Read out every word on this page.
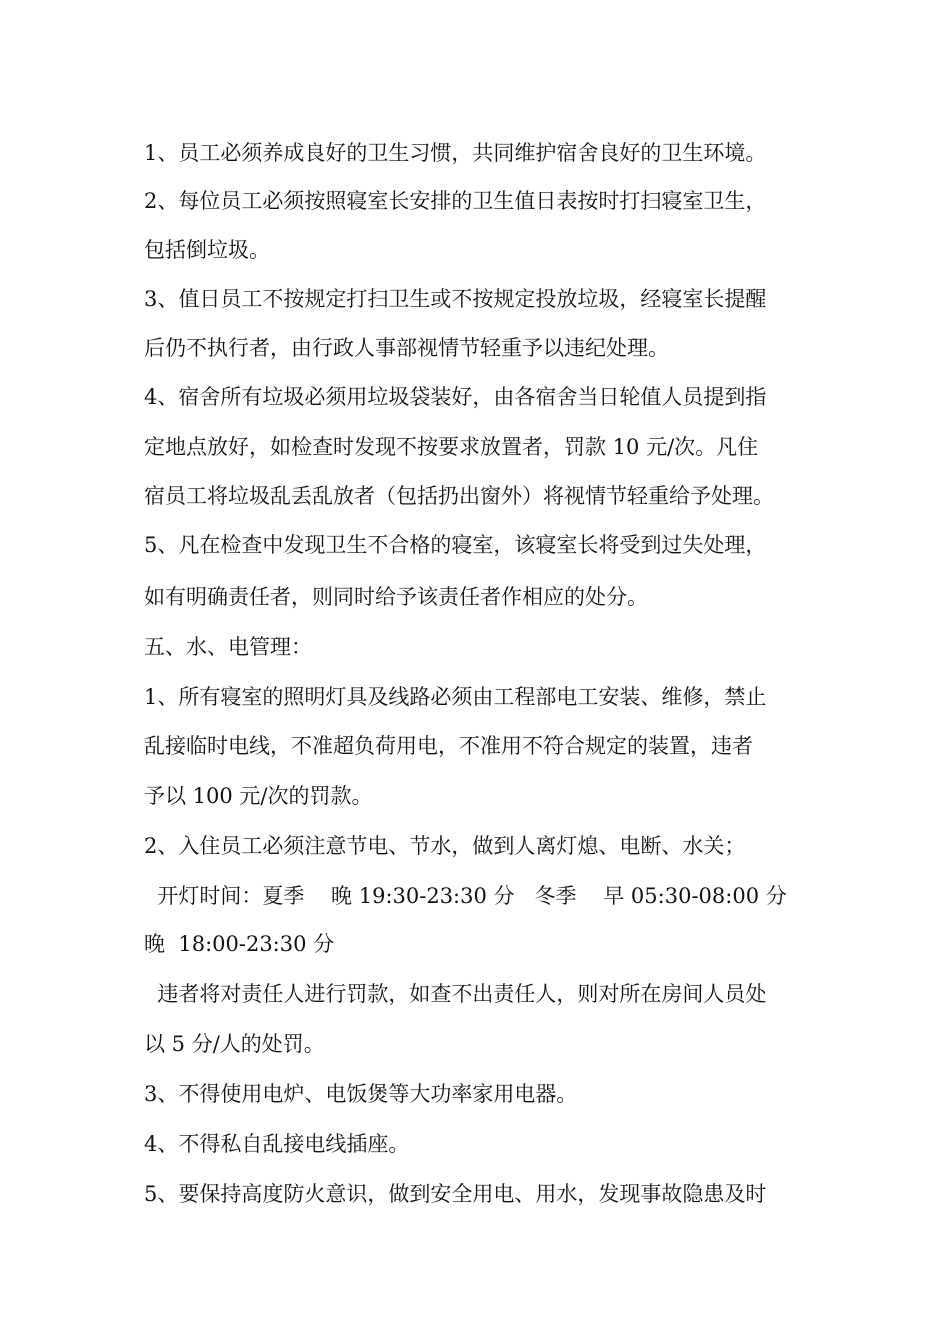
1、员工必须养成良好的卫生习惯，共同维护宿舍良好的卫生环境。
2、每位员工必须按照寝室长安排的卫生值日表按时打扫寝室卫生，
包括倒垃圾。
3、值日员工不按规定打扫卫生或不按规定投放垃圾，经寝室长提醒
后仍不执行者，由行政人事部视情节轻重予以违纪处理。
4、宿舍所有垃圾必须用垃圾袋装好，由各宿舍当日轮值人员提到指
定地点放好，如检查时发现不按要求放置者，罚款 10 元/次。凡住
宿员工将垃圾乱丢乱放者（包括扔出窗外）将视情节轻重给予处理。
5、凡在检查中发现卫生不合格的寝室，该寝室长将受到过失处理，
如有明确责任者，则同时给予该责任者作相应的处分。
五、水、电管理：
1、所有寝室的照明灯具及线路必须由工程部电工安装、维修，禁止
乱接临时电线，不准超负荷用电，不准用不符合规定的装置，违者
予以 100 元/次的罚款。
2、入住员工必须注意节电、节水，做到人离灯熄、电断、水关；
开灯时间：夏季    晚 19:30-23:30 分   冬季    早 05:30-08:00 分
晚  18:00-23:30 分
违者将对责任人进行罚款，如查不出责任人，则对所在房间人员处
以 5 分/人的处罚。
3、不得使用电炉、电饭煲等大功率家用电器。
4、不得私自乱接电线插座。
5、要保持高度防火意识，做到安全用电、用水，发现事故隐患及时
